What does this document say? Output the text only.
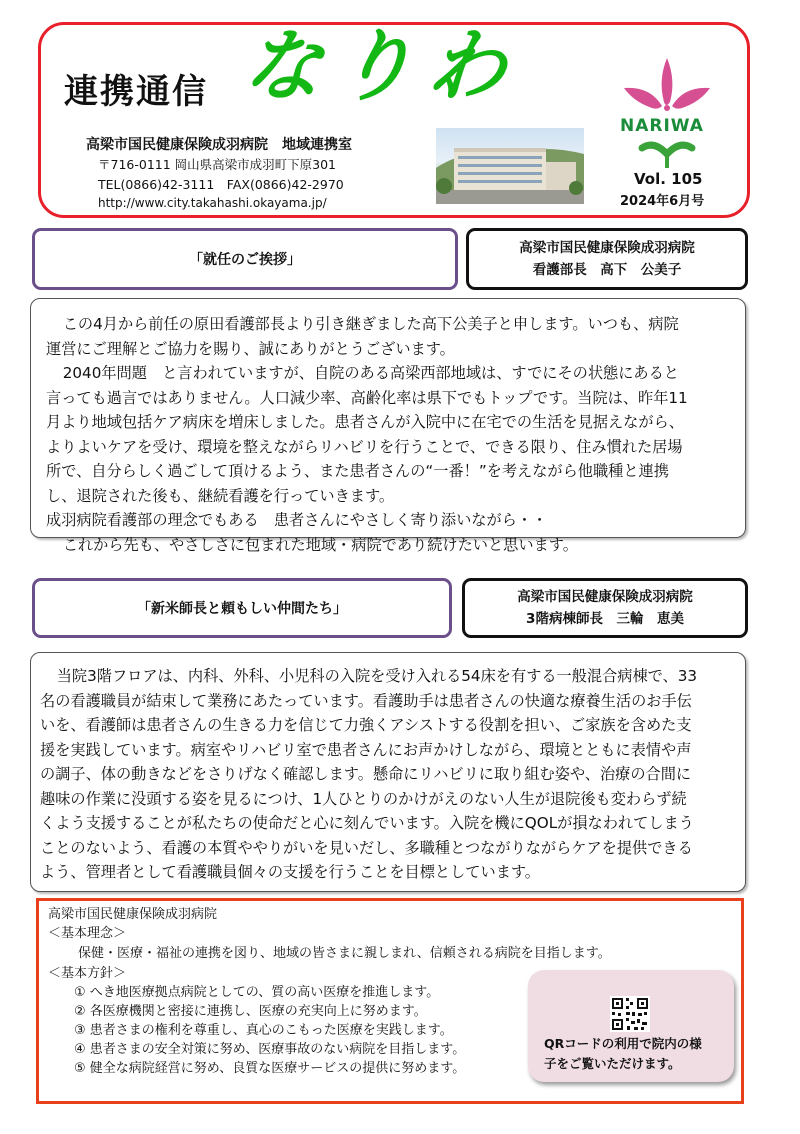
連携通信 なりわ
高梁市国民健康保険成羽病院　地域連携室
〒716-0111 岡山県高梁市成羽町下原301
TEL(0866)42-3111　FAX(0866)42-2970
http://www.city.takahashi.okayama.jp/
NARIWA
Vol. 105
2024年6月号
「就任のご挨拶」
高梁市国民健康保険成羽病院
看護部長　高下　公美子

この4月から前任の原田看護部長より引き継ぎました高下公美子と申します。いつも、病院

運営にご理解とご協力を賜り、誠にありがとうございます。

2040年問題　と言われていますが、自院のある高梁西部地域は、すでにその状態にあると

言っても過言ではありません。人口減少率、高齢化率は県下でもトップです。当院は、昨年11

月より地域包括ケア病床を増床しました。患者さんが入院中に在宅での生活を見据えながら、

よりよいケアを受け、環境を整えながらリハビリを行うことで、できる限り、住み慣れた居場

所で、自分らしく過ごして頂けるよう、また患者さんの“一番！”を考えながら他職種と連携

し、退院された後も、継続看護を行っていきます。

成羽病院看護部の理念でもある　患者さんにやさしく寄り添いながら・・

これから先も、やさしさに包まれた地域・病院であり続けたいと思います。

「新米師長と頼もしい仲間たち」
高梁市国民健康保険成羽病院
3階病棟師長　三輪　恵美

当院3階フロアは、内科、外科、小児科の入院を受け入れる54床を有する一般混合病棟で、33

名の看護職員が結束して業務にあたっています。看護助手は患者さんの快適な療養生活のお手伝

いを、看護師は患者さんの生きる力を信じて力強くアシストする役割を担い、ご家族を含めた支

援を実践しています。病室やリハビリ室で患者さんにお声かけしながら、環境とともに表情や声

の調子、体の動きなどをさりげなく確認します。懸命にリハビリに取り組む姿や、治療の合間に

趣味の作業に没頭する姿を見るにつけ、1人ひとりのかけがえのない人生が退院後も変わらず続

くよう支援することが私たちの使命だと心に刻んでいます。入院を機にQOLが損なわれてしまう

ことのないよう、看護の本質ややりがいを見いだし、多職種とつながりながらケアを提供できる

よう、管理者として看護職員個々の支援を行うことを目標としています。

高梁市国民健康保険成羽病院
＜基本理念＞
保健・医療・福祉の連携を図り、地域の皆さまに親しまれ、信頼される病院を目指します。
＜基本方針＞
① へき地医療拠点病院としての、質の高い医療を推進します。
② 各医療機関と密接に連携し、医療の充実向上に努めます。
③ 患者さまの権利を尊重し、真心のこもった医療を実践します。
④ 患者さまの安全対策に努め、医療事故のない病院を目指します。
⑤ 健全な病院経営に努め、良質な医療サービスの提供に努めます。
QRコードの利用で院内の様
子をご覧いただけます。
